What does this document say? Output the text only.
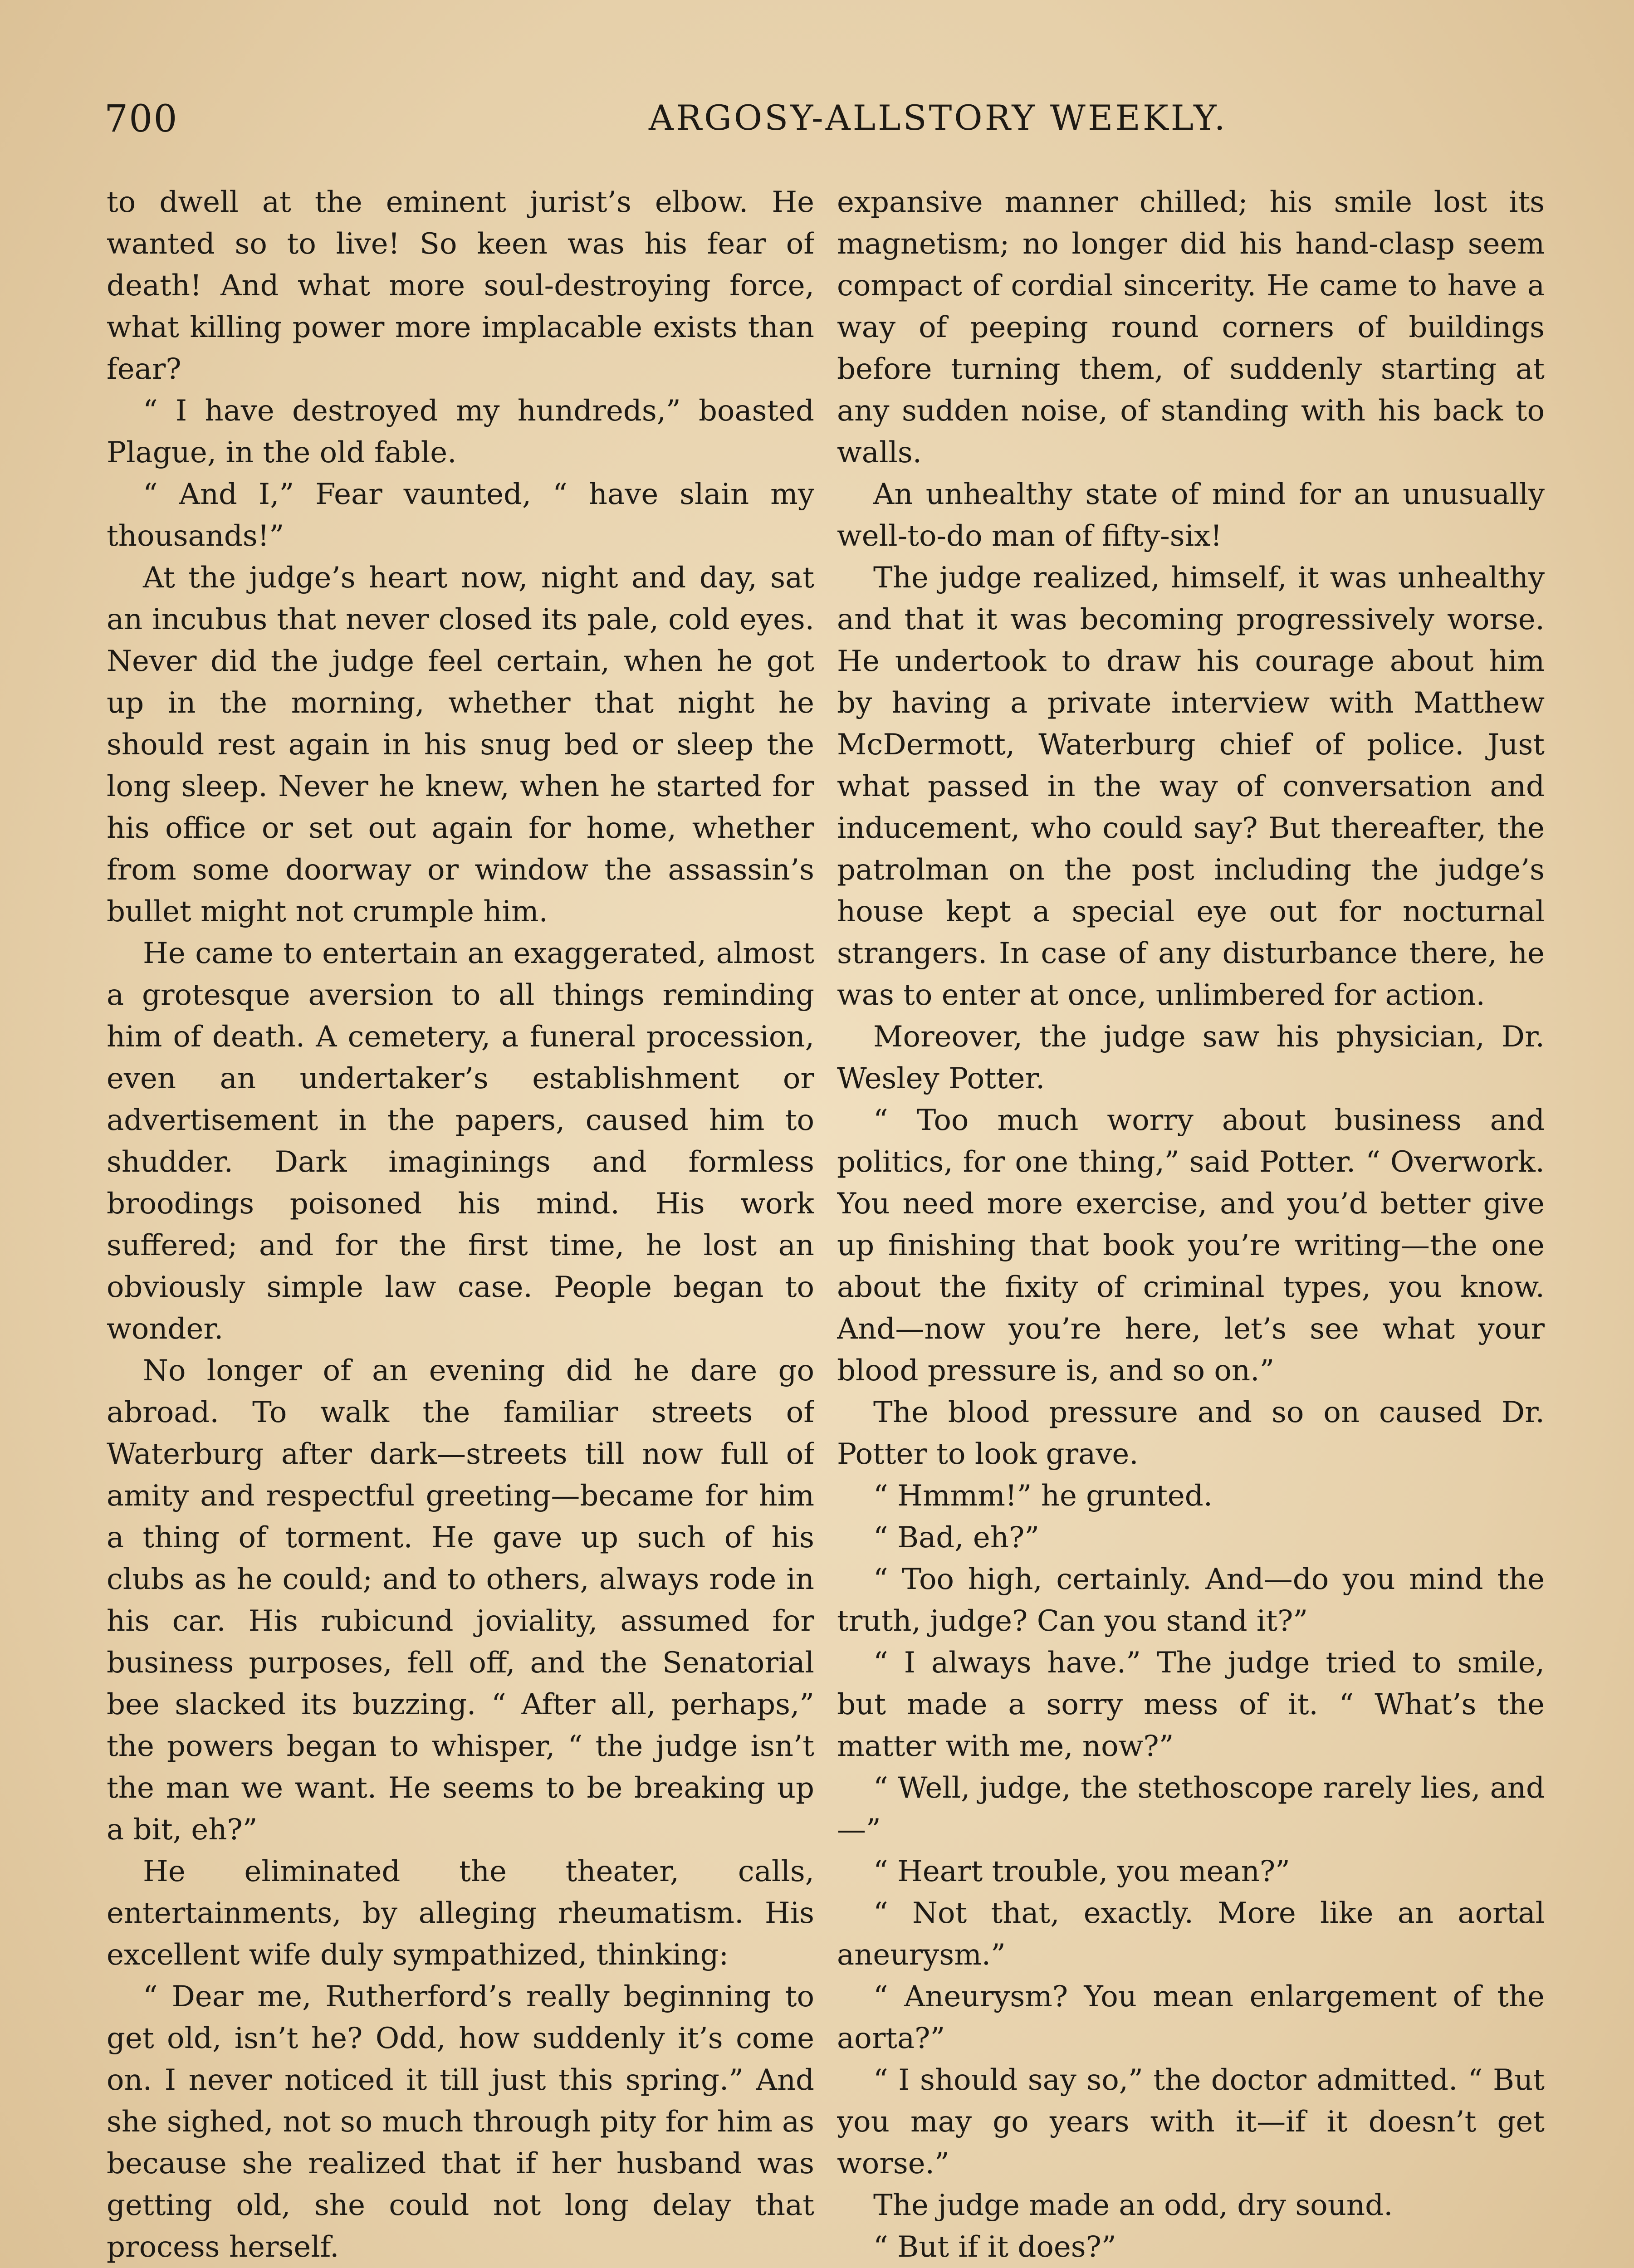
700	ARGOSY-ALLSTORY WEEKLY.

to dwell at the eminent jurist’s elbow. He wanted so to live! So keen was his fear of death! And what more soul-destroying force, what killing power more implacable exists than fear?

“ I have destroyed my hundreds,” boasted Plague, in the old fable.

“ And I,” Fear vaunted, “ have slain my thousands!”

At the judge’s heart now, night and day, sat an incubus that never closed its pale, cold eyes. Never did the judge feel certain, when he got up in the morning, whether that night he should rest again in his snug bed or sleep the long sleep. Never he knew, when he started for his office or set out again for home, whether from some doorway or window the assassin’s bullet might not crumple him.

He came to entertain an exaggerated, almost a grotesque aversion to all things reminding him of death. A cemetery, a funeral procession, even an undertaker’s establishment or advertisement in the papers, caused him to shudder. Dark imaginings and formless broodings poisoned his mind. His work suffered; and for the first time, he lost an obviously simple law case. People began to wonder.

No longer of an evening did he dare go abroad. To walk the familiar streets of Waterburg after dark—streets till now full of amity and respectful greeting—became for him a thing of torment. He gave up such of his clubs as he could; and to others, always rode in his car. His rubicund joviality, assumed for business purposes, fell off, and the Senatorial bee slacked its buzzing. “ After all, perhaps,” the powers began to whisper, “ the judge isn’t the man we want. He seems to be breaking up a bit, eh?”

He eliminated the theater, calls, entertainments, by alleging rheumatism. His excellent wife duly sympathized, thinking:

“ Dear me, Rutherford’s really beginning to get old, isn’t he? Odd, how suddenly it’s come on. I never noticed it till just this spring.” And she sighed, not so much through pity for him as because she realized that if her husband was getting old, she could not long delay that process herself.

expansive manner chilled; his smile lost its magnetism; no longer did his hand-clasp seem compact of cordial sincerity. He came to have a way of peeping round corners of buildings before turning them, of suddenly starting at any sudden noise, of standing with his back to walls.

An unhealthy state of mind for an unusually well-to-do man of fifty-six!

The judge realized, himself, it was unhealthy and that it was becoming progressively worse. He undertook to draw his courage about him by having a private interview with Matthew McDermott, Waterburg chief of police. Just what passed in the way of conversation and inducement, who could say? But thereafter, the patrolman on the post including the judge’s house kept a special eye out for nocturnal strangers. In case of any disturbance there, he was to enter at once, unlimbered for action.

Moreover, the judge saw his physician, Dr. Wesley Potter.

“ Too much worry about business and politics, for one thing,” said Potter. “ Overwork. You need more exercise, and you’d better give up finishing that book you’re writing—the one about the fixity of criminal types, you know. And—now you’re here, let’s see what your blood pressure is, and so on.”

The blood pressure and so on caused Dr. Potter to look grave.

“ Hmmm!” he grunted.

“ Bad, eh?”

“ Too high, certainly. And—do you mind the truth, judge? Can you stand it?”

“ I always have.” The judge tried to smile, but made a sorry mess of it. “ What’s the matter with me, now?”

“ Well, judge, the stethoscope rarely lies, and—”

“ Heart trouble, you mean?”

“ Not that, exactly. More like an aortal aneurysm.”

“ Aneurysm? You mean enlargement of the aorta?”

“ I should say so,” the doctor admitted. “ But you may go years with it—if it doesn’t get worse.”

The judge made an odd, dry sound.

“ But if it does?”
